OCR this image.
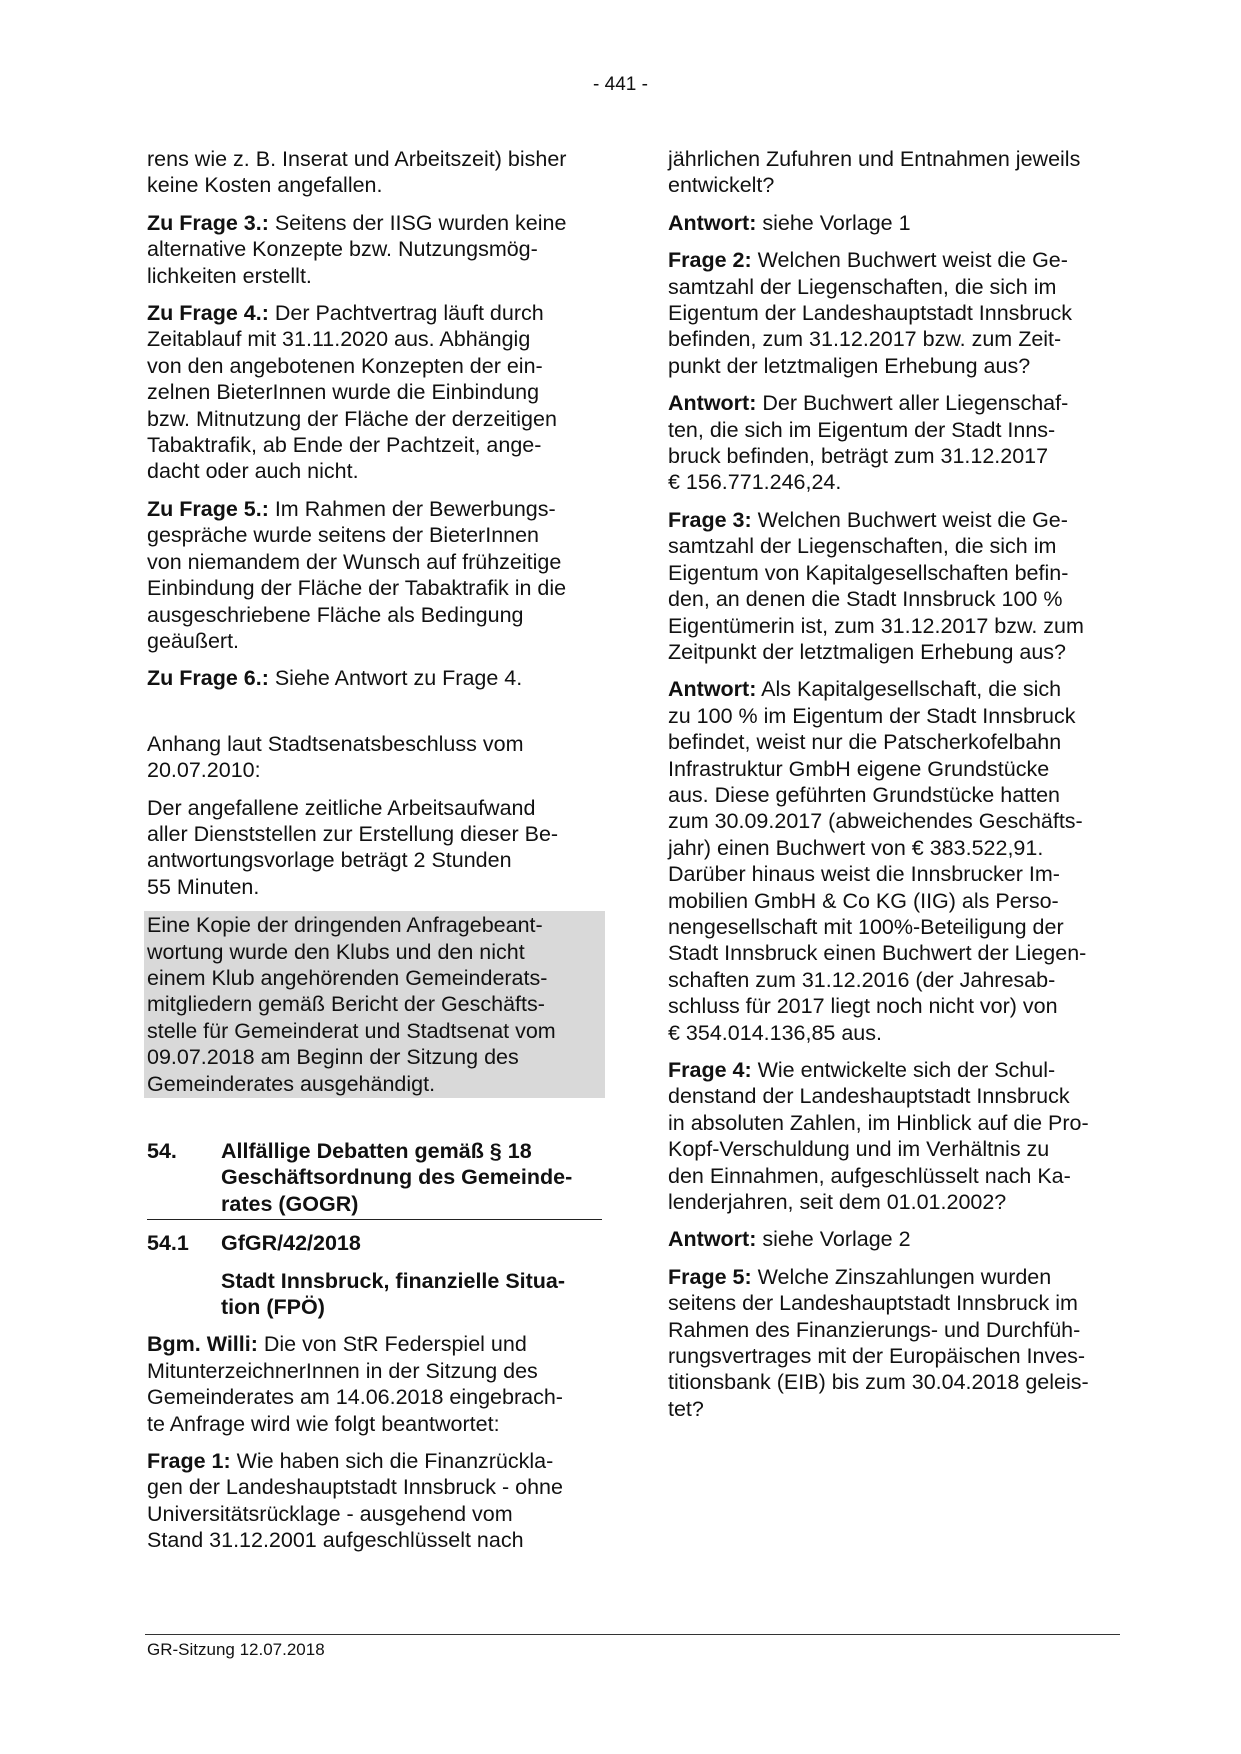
- 441 -
rens wie z. B. Inserat und Arbeitszeit) bisher
keine Kosten angefallen.
Zu Frage 3.: Seitens der IISG wurden keine
alternative Konzepte bzw. Nutzungsmög-
lichkeiten erstellt.
Zu Frage 4.: Der Pachtvertrag läuft durch
Zeitablauf mit 31.11.2020 aus. Abhängig
von den angebotenen Konzepten der ein-
zelnen BieterInnen wurde die Einbindung
bzw. Mitnutzung der Fläche der derzeitigen
Tabaktrafik, ab Ende der Pachtzeit, ange-
dacht oder auch nicht.
Zu Frage 5.: Im Rahmen der Bewerbungs-
gespräche wurde seitens der BieterInnen
von niemandem der Wunsch auf frühzeitige
Einbindung der Fläche der Tabaktrafik in die
ausgeschriebene Fläche als Bedingung
geäußert.
Zu Frage 6.: Siehe Antwort zu Frage 4.
Anhang laut Stadtsenatsbeschluss vom
20.07.2010:
Der angefallene zeitliche Arbeitsaufwand
aller Dienststellen zur Erstellung dieser Be-
antwortungsvorlage beträgt 2 Stunden
55 Minuten.
Eine Kopie der dringenden Anfragebeant-
wortung wurde den Klubs und den nicht
einem Klub angehörenden Gemeinderats-
mitgliedern gemäß Bericht der Geschäfts-
stelle für Gemeinderat und Stadtsenat vom
09.07.2018 am Beginn der Sitzung des
Gemeinderates ausgehändigt.
54.	Allfällige Debatten gemäß § 18
Geschäftsordnung des Gemeinde-
rates (GOGR)
54.1	GfGR/42/2018
Stadt Innsbruck, finanzielle Situa-
tion (FPÖ)
Bgm. Willi: Die von StR Federspiel und
MitunterzeichnerInnen in der Sitzung des
Gemeinderates am 14.06.2018 eingebrach-
te Anfrage wird wie folgt beantwortet:
Frage 1: Wie haben sich die Finanzrückla-
gen der Landeshauptstadt Innsbruck - ohne
Universitätsrücklage - ausgehend vom
Stand 31.12.2001 aufgeschlüsselt nach
jährlichen Zufuhren und Entnahmen jeweils
entwickelt?
Antwort: siehe Vorlage 1
Frage 2: Welchen Buchwert weist die Ge-
samtzahl der Liegenschaften, die sich im
Eigentum der Landeshauptstadt Innsbruck
befinden, zum 31.12.2017 bzw. zum Zeit-
punkt der letztmaligen Erhebung aus?
Antwort: Der Buchwert aller Liegenschaf-
ten, die sich im Eigentum der Stadt Inns-
bruck befinden, beträgt zum 31.12.2017
€ 156.771.246,24.
Frage 3: Welchen Buchwert weist die Ge-
samtzahl der Liegenschaften, die sich im
Eigentum von Kapitalgesellschaften befin-
den, an denen die Stadt Innsbruck 100 %
Eigentümerin ist, zum 31.12.2017 bzw. zum
Zeitpunkt der letztmaligen Erhebung aus?
Antwort: Als Kapitalgesellschaft, die sich
zu 100 % im Eigentum der Stadt Innsbruck
befindet, weist nur die Patscherkofelbahn
Infrastruktur GmbH eigene Grundstücke
aus. Diese geführten Grundstücke hatten
zum 30.09.2017 (abweichendes Geschäfts-
jahr) einen Buchwert von € 383.522,91.
Darüber hinaus weist die Innsbrucker Im-
mobilien GmbH & Co KG (IIG) als Perso-
nengesellschaft mit 100%-Beteiligung der
Stadt Innsbruck einen Buchwert der Liegen-
schaften zum 31.12.2016 (der Jahresab-
schluss für 2017 liegt noch nicht vor) von
€ 354.014.136,85 aus.
Frage 4: Wie entwickelte sich der Schul-
denstand der Landeshauptstadt Innsbruck
in absoluten Zahlen, im Hinblick auf die Pro-
Kopf-Verschuldung und im Verhältnis zu
den Einnahmen, aufgeschlüsselt nach Ka-
lenderjahren, seit dem 01.01.2002?
Antwort: siehe Vorlage 2
Frage 5: Welche Zinszahlungen wurden
seitens der Landeshauptstadt Innsbruck im
Rahmen des Finanzierungs- und Durchfüh-
rungsvertrages mit der Europäischen Inves-
titionsbank (EIB) bis zum 30.04.2018 geleis-
tet?
GR-Sitzung 12.07.2018
